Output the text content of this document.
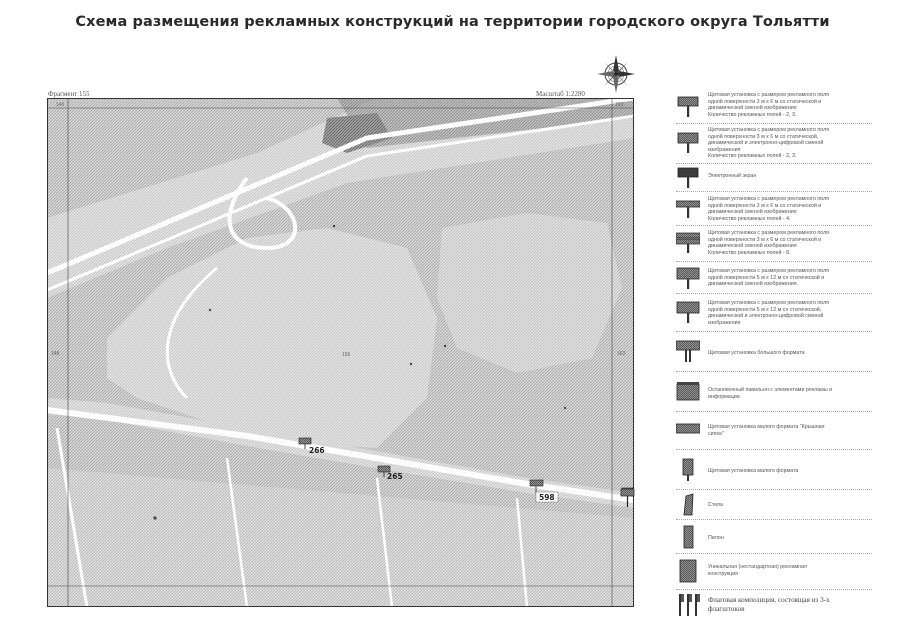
Схема размещения рекламных конструкций на территории городского округа Тольятти
Фрагмент 155	Масштаб 1:2280
146	163
148	155	163
266
265
598
Щитовая установка с размером рекламного поля
одной поверхности 3 м х 6 м со статической и
динамической сменой изображения
Количество рекламных полей - 2, 3.
Щитовая установка с размером рекламного поля
одной поверхности 3 м х 6 м со статической,
динамической и электронно-цифровой сменой
изображения
Количество рекламных полей - 2, 3.
Электронный экран
Щитовая установка с размером рекламного поля
одной поверхности 3 м х 6 м со статической и
динамической сменой изображения
Количество рекламных полей - 4.
Щитовая установка с размером рекламного поля
одной поверхности 3 м х 6 м со статической и
динамической сменой изображения
Количество рекламных полей - 8.
Щитовая установка с размером рекламного поля
одной поверхности 5 м х 12 м со статической и
динамической сменой изображения.
Щитовая установка с размером рекламного поля
одной поверхности 5 м х 12 м со статической,
динамической и электронно-цифровой сменой
изображения
Щитовая установка большого формата
Остановочный павильон с элементами рекламы и
информации
Щитовая установка малого формата "Крышная
сипка"
Щитовая установка малого формата
Стела
Пилон
Уникальная (нестандартная) рекламная
конструкция
Флаговая композиция, состоящая из 3-х
флагштоков
